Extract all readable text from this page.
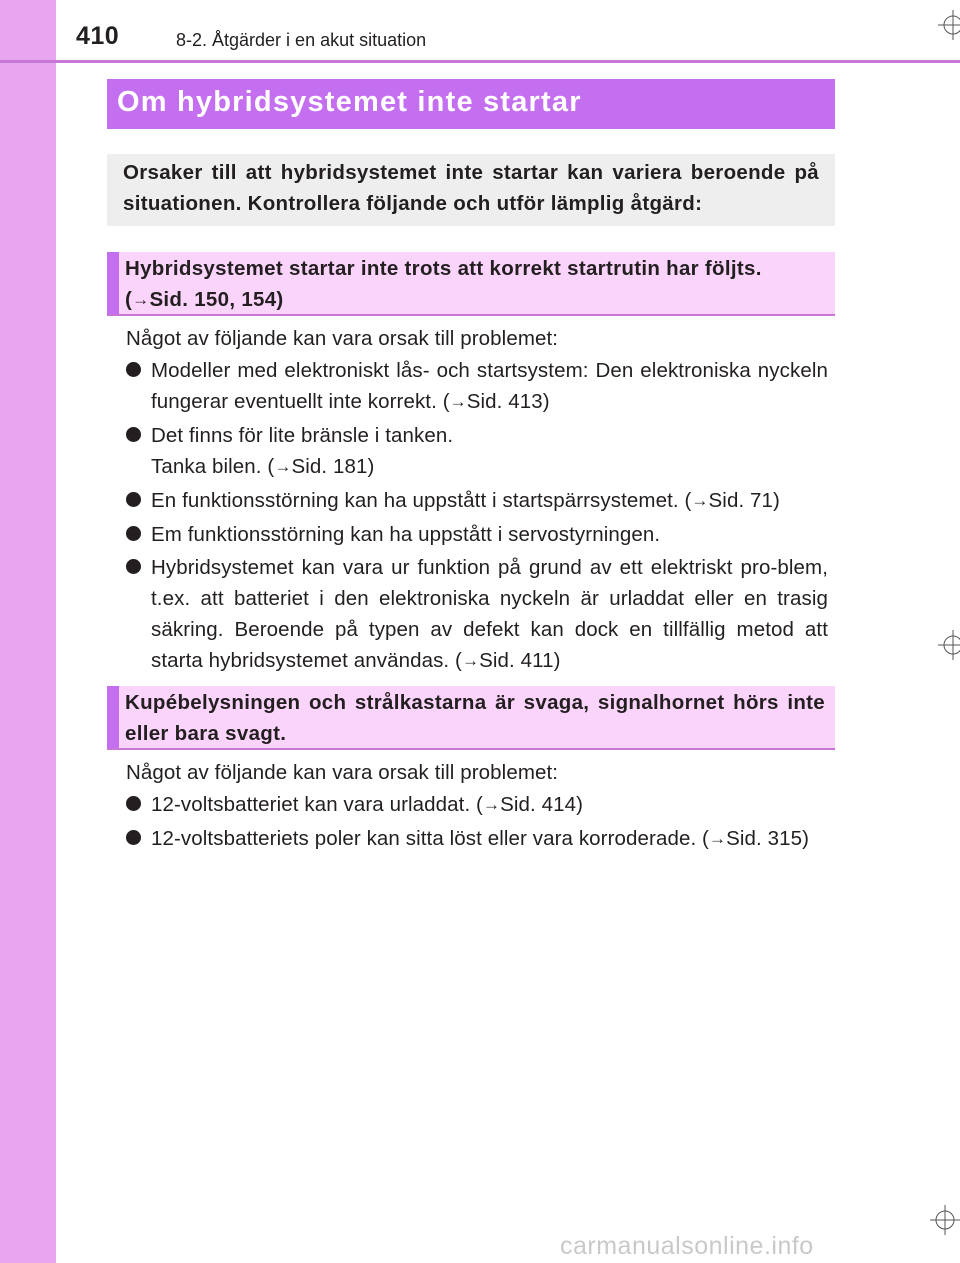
410	8-2. Åtgärder i en akut situation
Om hybridsystemet inte startar

Orsaker till att hybridsystemet inte startar kan variera beroende på situationen. Kontrollera följande och utför lämplig åtgärd:

Hybridsystemet startar inte trots att korrekt startrutin har följts.
(→Sid. 150, 154)

Något av följande kan vara orsak till problemet:

Modeller med elektroniskt lås- och startsystem: Den elektroniska nyckeln fungerar eventuellt inte korrekt. (→Sid. 413)
Det finns för lite bränsle i tanken.
Tanka bilen. (→Sid. 181)
En funktionsstörning kan ha uppstått i startspärrsystemet. (→Sid. 71)
Em funktionsstörning kan ha uppstått i servostyrningen.
Hybridsystemet kan vara ur funktion på grund av ett elektriskt pro-blem, t.ex. att batteriet i den elektroniska nyckeln är urladdat eller en trasig säkring. Beroende på typen av defekt kan dock en tillfällig metod att starta hybridsystemet användas. (→Sid. 411)

Kupébelysningen och strålkastarna är svaga, signalhornet hörs inte eller bara svagt.

Något av följande kan vara orsak till problemet:

12-voltsbatteriet kan vara urladdat. (→Sid. 414)
12-voltsbatteriets poler kan sitta löst eller vara korroderade. (→Sid. 315)
carmanualsonline.info
